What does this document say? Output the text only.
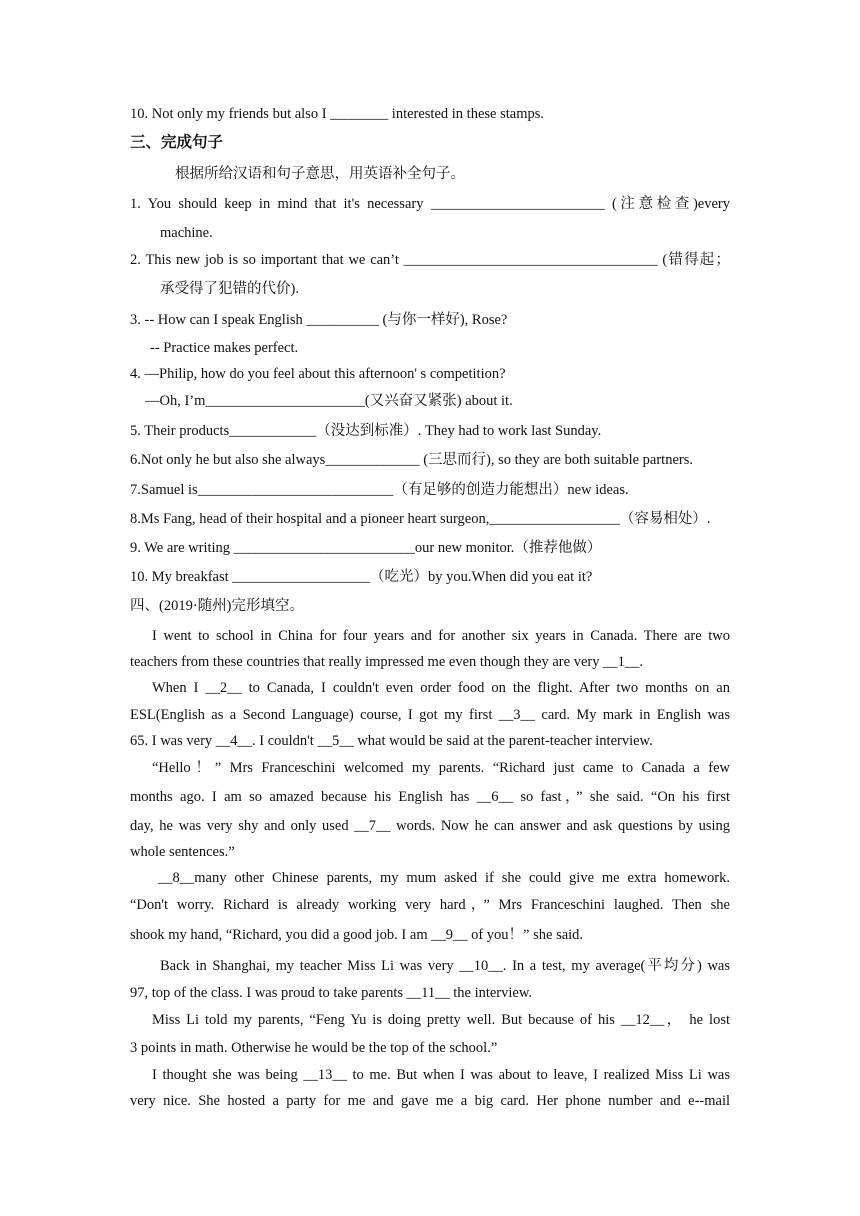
10. Not only my friends but also I ________ interested in these stamps.
三、完成句子
根据所给汉语和句子意思，用英语补全句子。
1. You should keep in mind that it's necessary ________________________ (注意检查)every
machine.
2. This new job is so important that we can’t ___________________________________ (错得起；
承受得了犯错的代价).
3. -- How can I speak English __________ (与你一样好), Rose?
-- Practice makes perfect.
4. —Philip, how do you feel about this afternoon' s competition?
—Oh, I’m______________________(又兴奋又紧张) about it.
5. Their products____________（没达到标准）. They had to work last Sunday.
6.Not only he but also she always_____________ (三思而行), so they are both suitable partners.
7.Samuel is___________________________（有足够的创造力能想出）new ideas.
8.Ms Fang, head of their hospital and a pioneer heart surgeon,__________________（容易相处）.
9. We are writing _________________________our new monitor.（推荐他做）
10. My breakfast ___________________（吃光）by you.When did you eat it?
四、(2019·随州)完形填空。
I went to school in China for four years and for another six years in Canada. There are two
teachers from these countries that really impressed me even though they are very __1__.
When I __2__ to Canada, I couldn't even order food on the flight. After two months on an
ESL(English as a Second Language) course, I got my first __3__ card. My mark in English was
65. I was very __4__. I couldn't __5__ what would be said at the parent-teacher interview.
“Hello！” Mrs Franceschini welcomed my parents. “Richard just came to Canada a few
months ago. I am so amazed because his English has __6__ so fast，” she said. “On his first
day, he was very shy and only used __7__ words. Now he can answer and ask questions by using
whole sentences.”
__8__many other Chinese parents, my mum asked if she could give me extra homework.
“Don't worry. Richard is already working very hard，” Mrs Franceschini laughed. Then she
shook my hand, “Richard, you did a good job. I am __9__ of you！” she said.
Back in Shanghai, my teacher Miss Li was very __10__. In a test, my average(平均分) was
97, top of the class. I was proud to take parents __11__ the interview.
Miss Li told my parents, “Feng Yu is doing pretty well. But because of his __12__， he lost
3 points in math. Otherwise he would be the top of the school.”
I thought she was being __13__ to me. But when I was about to leave, I realized Miss Li was
very nice. She hosted a party for me and gave me a big card. Her phone number and e--mail
